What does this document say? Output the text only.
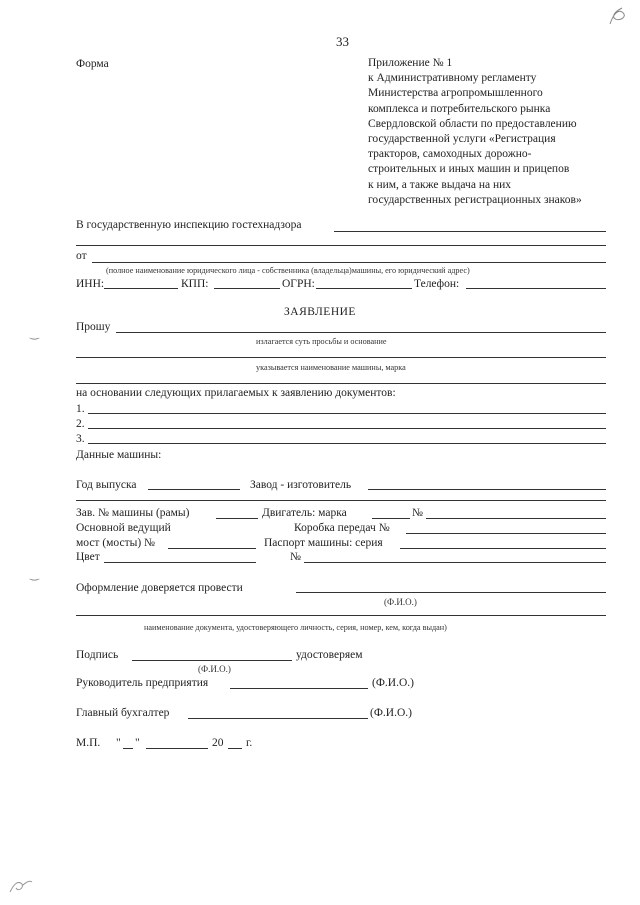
‿
‿
33
Форма	Приложение № 1
к Административному регламенту
Министерства агропромышленного
комплекса и потребительского рынка
Свердловской области по предоставлению
государственной услуги «Регистрация
тракторов, самоходных дорожно-
строительных и иных машин и прицепов
к ним, а также выдача на них
государственных регистрационных знаков»
В государственную инспекцию гостехнадзора
от
(полное наименование юридического лица - собственника (владельца)машины, его юридический адрес)
ИНН:	КПП:	ОГРН:	Телефон:
ЗАЯВЛЕНИЕ
Прошу
излагается суть просьбы и основание
указывается наименование машины, марка
на основании следующих прилагаемых к заявлению документов:
1.
2.
3.
Данные машины:
Год выпуска	Завод - изготовитель
Зав. № машины (рамы)	Двигатель: марка	№
Основной ведущий	Коробка передач №
мост (мосты) №	Паспорт машины: серия
Цвет	№
Оформление доверяется провести
(Ф.И.О.)
наименование документа, удостоверяющего личность, серия, номер, кем, когда выдан)
Подпись	удостоверяем
(Ф.И.О.)
Руководитель предприятия	(Ф.И.О.)
Главный бухгалтер	(Ф.И.О.)
М.П. " "	20 г.
